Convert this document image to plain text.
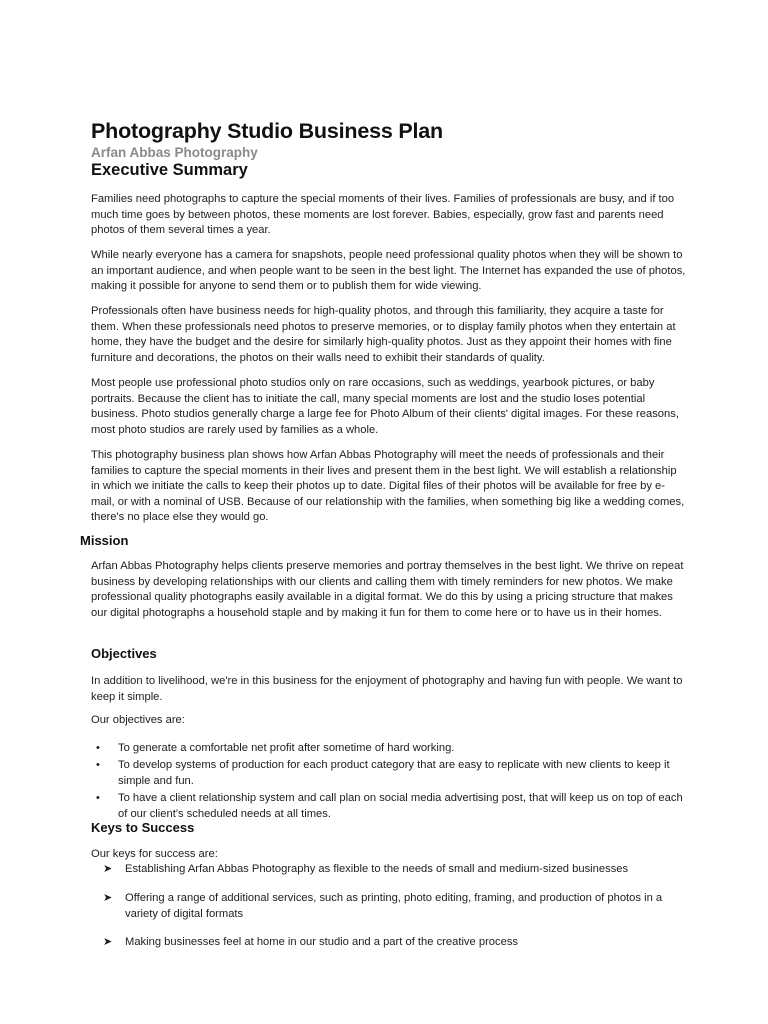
Photography Studio Business Plan
Arfan Abbas Photography
Executive Summary

Families need photographs to capture the special moments of their lives. Families of professionals are busy, and if too much time goes by between photos, these moments are lost forever. Babies, especially, grow fast and parents need photos of them several times a year.

While nearly everyone has a camera for snapshots, people need professional quality photos when they will be shown to an important audience, and when people want to be seen in the best light. The Internet has expanded the use of photos, making it possible for anyone to send them or to publish them for wide viewing.

Professionals often have business needs for high-quality photos, and through this familiarity, they acquire a taste for them. When these professionals need photos to preserve memories, or to display family photos when they entertain at home, they have the budget and the desire for similarly high-quality photos. Just as they appoint their homes with fine furniture and decorations, the photos on their walls need to exhibit their standards of quality.

Most people use professional photo studios only on rare occasions, such as weddings, yearbook pictures, or baby portraits. Because the client has to initiate the call, many special moments are lost and the studio loses potential business. Photo studios generally charge a large fee for Photo Album of their clients' digital images. For these reasons, most photo studios are rarely used by families as a whole.

This photography business plan shows how Arfan Abbas Photography will meet the needs of professionals and their families to capture the special moments in their lives and present them in the best light. We will establish a relationship in which we initiate the calls to keep their photos up to date. Digital files of their photos will be available for free by e-mail, or with a nominal of USB. Because of our relationship with the families, when something big like a wedding comes, there's no place else they would go.

Mission

Arfan Abbas Photography helps clients preserve memories and portray themselves in the best light. We thrive on repeat business by developing relationships with our clients and calling them with timely reminders for new photos. We make professional quality photographs easily available in a digital format. We do this by using a pricing structure that makes our digital photographs a household staple and by making it fun for them to come here or to have us in their homes.

Objectives

In addition to livelihood, we're in this business for the enjoyment of photography and having fun with people. We want to keep it simple.

Our objectives are:

• To generate a comfortable net profit after sometime of hard working.
• To develop systems of production for each product category that are easy to replicate with new clients to keep it simple and fun.
• To have a client relationship system and call plan on social media advertising post, that will keep us on top of each of our client's scheduled needs at all times.
Keys to Success

Our keys for success are:

➤ Establishing Arfan Abbas Photography as flexible to the needs of small and medium-sized businesses
➤ Offering a range of additional services, such as printing, photo editing, framing, and production of photos in a variety of digital formats
➤ Making businesses feel at home in our studio and a part of the creative process
